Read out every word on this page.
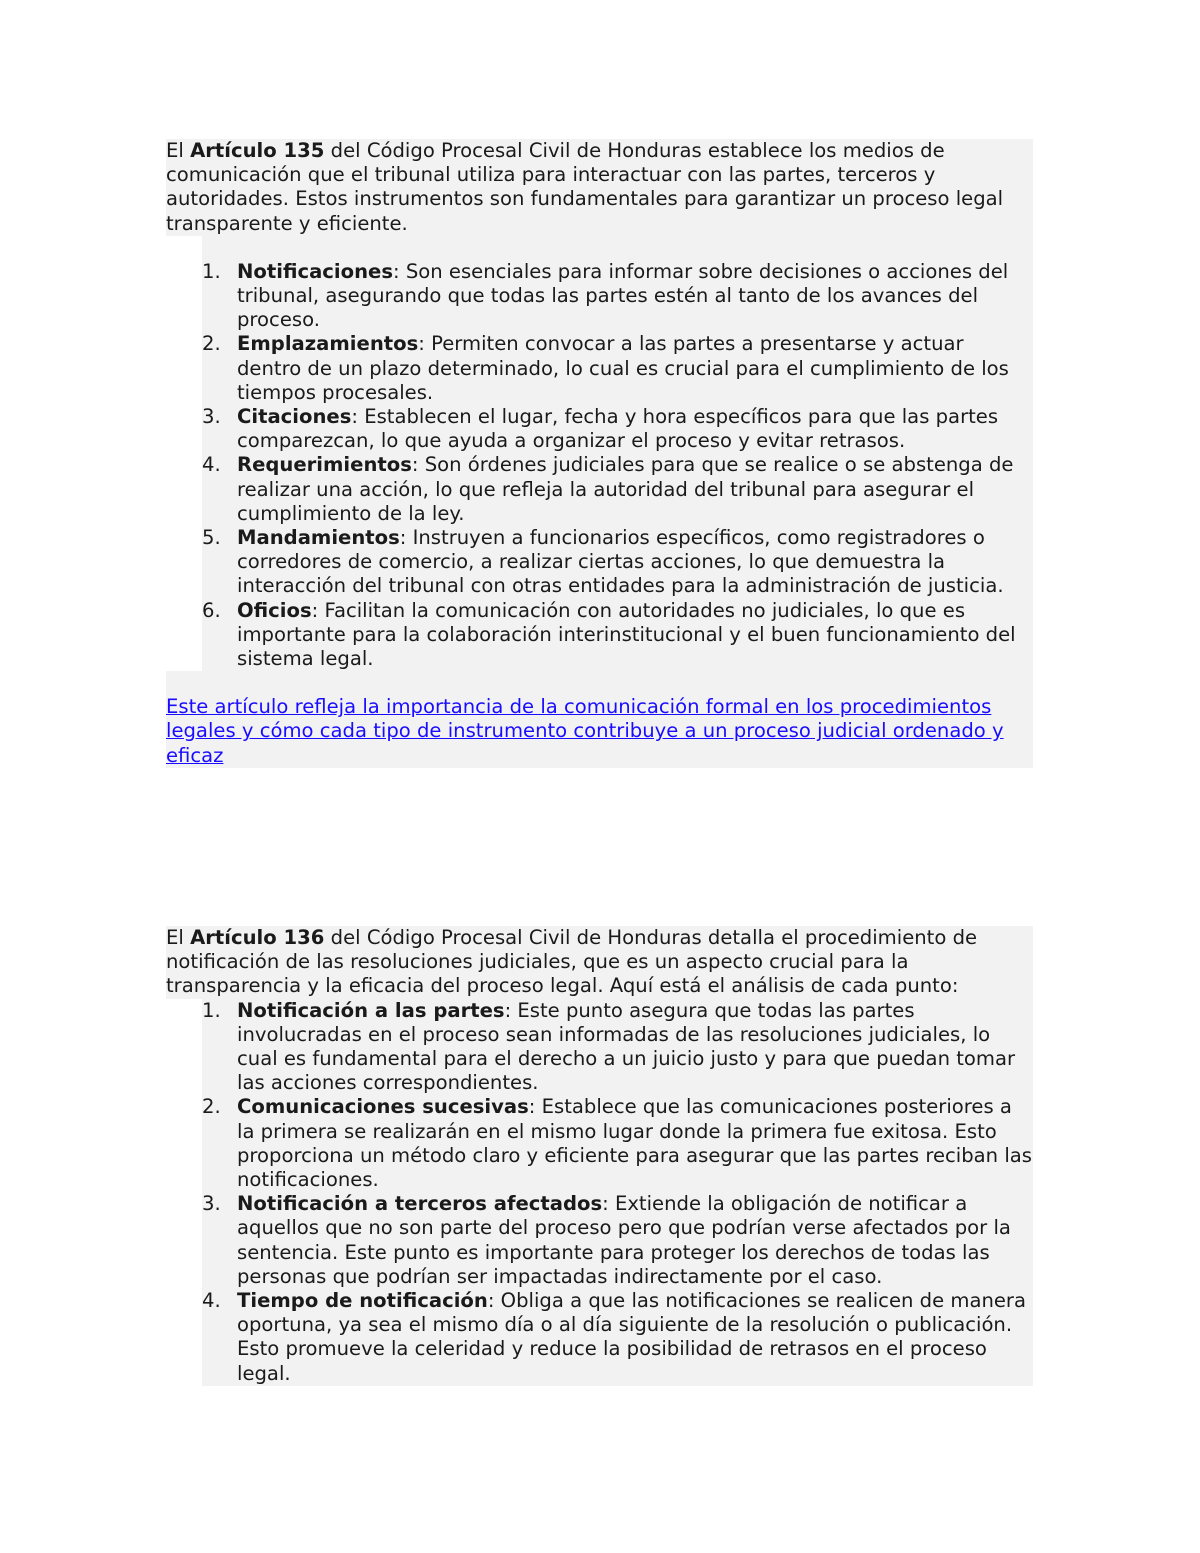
El Artículo 135 del Código Procesal Civil de Honduras establece los medios de comunicación que el tribunal utiliza para interactuar con las partes, terceros y autoridades. Estos instrumentos son fundamentales para garantizar un proceso legal transparente y eficiente.

1. Notificaciones: Son esenciales para informar sobre decisiones o acciones del tribunal, asegurando que todas las partes estén al tanto de los avances del proceso.
2. Emplazamientos: Permiten convocar a las partes a presentarse y actuar dentro de un plazo determinado, lo cual es crucial para el cumplimiento de los tiempos procesales.
3. Citaciones: Establecen el lugar, fecha y hora específicos para que las partes comparezcan, lo que ayuda a organizar el proceso y evitar retrasos.
4. Requerimientos: Son órdenes judiciales para que se realice o se abstenga de realizar una acción, lo que refleja la autoridad del tribunal para asegurar el cumplimiento de la ley.
5. Mandamientos: Instruyen a funcionarios específicos, como registradores o corredores de comercio, a realizar ciertas acciones, lo que demuestra la interacción del tribunal con otras entidades para la administración de justicia.
6. Oficios: Facilitan la comunicación con autoridades no judiciales, lo que es importante para la colaboración interinstitucional y el buen funcionamiento del sistema legal.

Este artículo refleja la importancia de la comunicación formal en los procedimientos legales y cómo cada tipo de instrumento contribuye a un proceso judicial ordenado y eficaz

El Artículo 136 del Código Procesal Civil de Honduras detalla el procedimiento de notificación de las resoluciones judiciales, que es un aspecto crucial para la transparencia y la eficacia del proceso legal. Aquí está el análisis de cada punto:

1. Notificación a las partes: Este punto asegura que todas las partes involucradas en el proceso sean informadas de las resoluciones judiciales, lo cual es fundamental para el derecho a un juicio justo y para que puedan tomar las acciones correspondientes.
2. Comunicaciones sucesivas: Establece que las comunicaciones posteriores a la primera se realizarán en el mismo lugar donde la primera fue exitosa. Esto proporciona un método claro y eficiente para asegurar que las partes reciban las notificaciones.
3. Notificación a terceros afectados: Extiende la obligación de notificar a aquellos que no son parte del proceso pero que podrían verse afectados por la sentencia. Este punto es importante para proteger los derechos de todas las personas que podrían ser impactadas indirectamente por el caso.
4. Tiempo de notificación: Obliga a que las notificaciones se realicen de manera oportuna, ya sea el mismo día o al día siguiente de la resolución o publicación. Esto promueve la celeridad y reduce la posibilidad de retrasos en el proceso legal.
